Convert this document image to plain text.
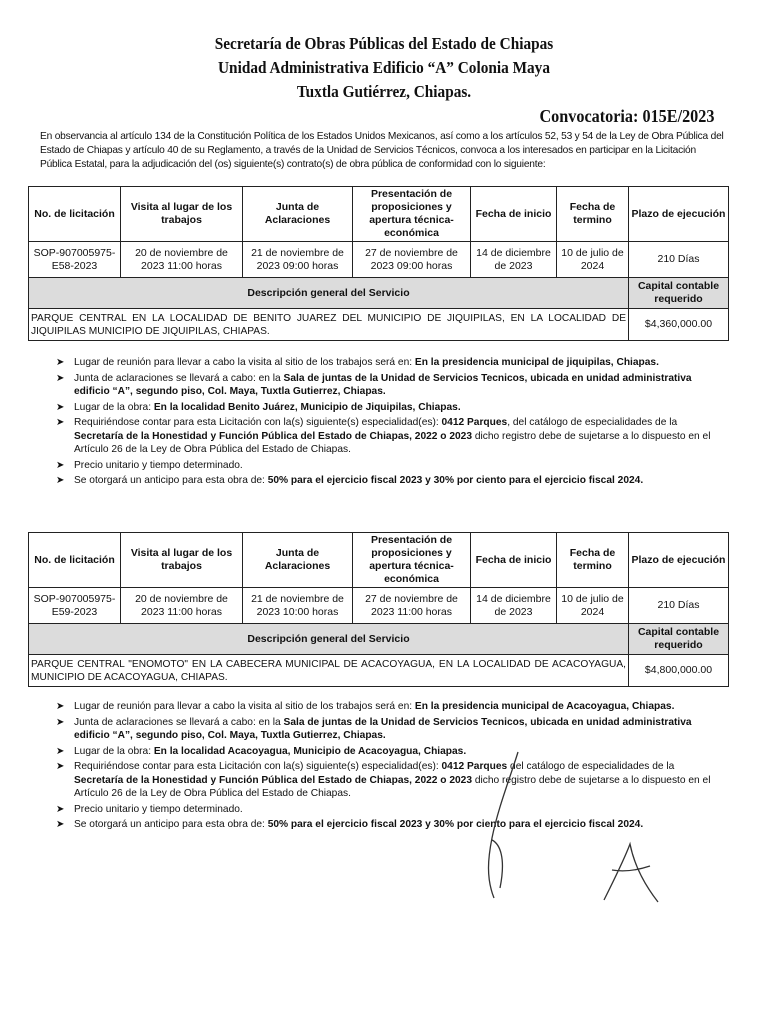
Secretaría de Obras Públicas del Estado de Chiapas
Unidad Administrativa Edificio “A” Colonia Maya
Tuxtla Gutiérrez, Chiapas.
Convocatoria: 015E/2023
En observancia al artículo 134 de la Constitución Política de los Estados Unidos Mexicanos, así como a los artículos 52, 53 y 54 de la Ley de Obra Pública del Estado de Chiapas y artículo 40 de su Reglamento, a través de la Unidad de Servicios Técnicos, convoca a los interesados en participar en la Licitación Pública Estatal, para la adjudicación del (os) siguiente(s) contrato(s) de obra pública de conformidad con lo siguiente:
No. de licitación	Visita al lugar de los trabajos	Junta de Aclaraciones	Presentación de proposiciones y apertura técnica-económica	Fecha de inicio	Fecha de termino	Plazo de ejecución
SOP-907005975-E58-2023	20 de noviembre de 2023 11:00 horas	21 de noviembre de 2023 09:00 horas	27 de noviembre de 2023 09:00 horas	14 de diciembre de 2023	10 de julio de 2024	210 Días
Descripción general del Servicio						Capital contable requerido
PARQUE CENTRAL EN LA LOCALIDAD DE BENITO JUAREZ DEL MUNICIPIO DE JIQUIPILAS, EN LA LOCALIDAD DE JIQUIPILAS MUNICIPIO DE JIQUIPILAS, CHIAPAS.						$4,360,000.00
➤ Lugar de reunión para llevar a cabo la visita al sitio de los trabajos será en: En la presidencia municipal de jiquipilas, Chiapas.
➤ Junta de aclaraciones se llevará a cabo: en la Sala de juntas de la Unidad de Servicios Tecnicos, ubicada en unidad administrativa edificio “A”, segundo piso, Col. Maya, Tuxtla Gutierrez, Chiapas.
➤ Lugar de la obra: En la localidad Benito Juárez, Municipio de Jiquipilas, Chiapas.
➤ Requiriéndose contar para esta Licitación con la(s) siguiente(s) especialidad(es): 0412 Parques, del catálogo de especialidades de la Secretaría de la Honestidad y Función Pública del Estado de Chiapas, 2022 o 2023 dicho registro debe de sujetarse a lo dispuesto en el Artículo 26 de la Ley de Obra Pública del Estado de Chiapas.
➤ Precio unitario y tiempo determinado.
➤ Se otorgará un anticipo para esta obra de: 50% para el ejercicio fiscal 2023 y 30% por ciento para el ejercicio fiscal 2024.
No. de licitación	Visita al lugar de los trabajos	Junta de Aclaraciones	Presentación de proposiciones y apertura técnica-económica	Fecha de inicio	Fecha de termino	Plazo de ejecución
SOP-907005975-E59-2023	20 de noviembre de 2023 11:00 horas	21 de noviembre de 2023 10:00 horas	27 de noviembre de 2023 11:00 horas	14 de diciembre de 2023	10 de julio de 2024	210 Días
Descripción general del Servicio						Capital contable requerido
PARQUE CENTRAL "ENOMOTO" EN LA CABECERA MUNICIPAL DE ACACOYAGUA, EN LA LOCALIDAD DE ACACOYAGUA, MUNICIPIO DE ACACOYAGUA, CHIAPAS.						$4,800,000.00
➤ Lugar de reunión para llevar a cabo la visita al sitio de los trabajos será en: En la presidencia municipal de Acacoyagua, Chiapas.
➤ Junta de aclaraciones se llevará a cabo: en la Sala de juntas de la Unidad de Servicios Tecnicos, ubicada en unidad administrativa edificio “A”, segundo piso, Col. Maya, Tuxtla Gutierrez, Chiapas.
➤ Lugar de la obra: En la localidad Acacoyagua, Municipio de Acacoyagua, Chiapas.
➤ Requiriéndose contar para esta Licitación con la(s) siguiente(s) especialidad(es): 0412 Parques del catálogo de especialidades de la Secretaría de la Honestidad y Función Pública del Estado de Chiapas, 2022 o 2023 dicho registro debe de sujetarse a lo dispuesto en el Artículo 26 de la Ley de Obra Pública del Estado de Chiapas.
➤ Precio unitario y tiempo determinado.
➤ Se otorgará un anticipo para esta obra de: 50% para el ejercicio fiscal 2023 y 30% por ciento para el ejercicio fiscal 2024.
